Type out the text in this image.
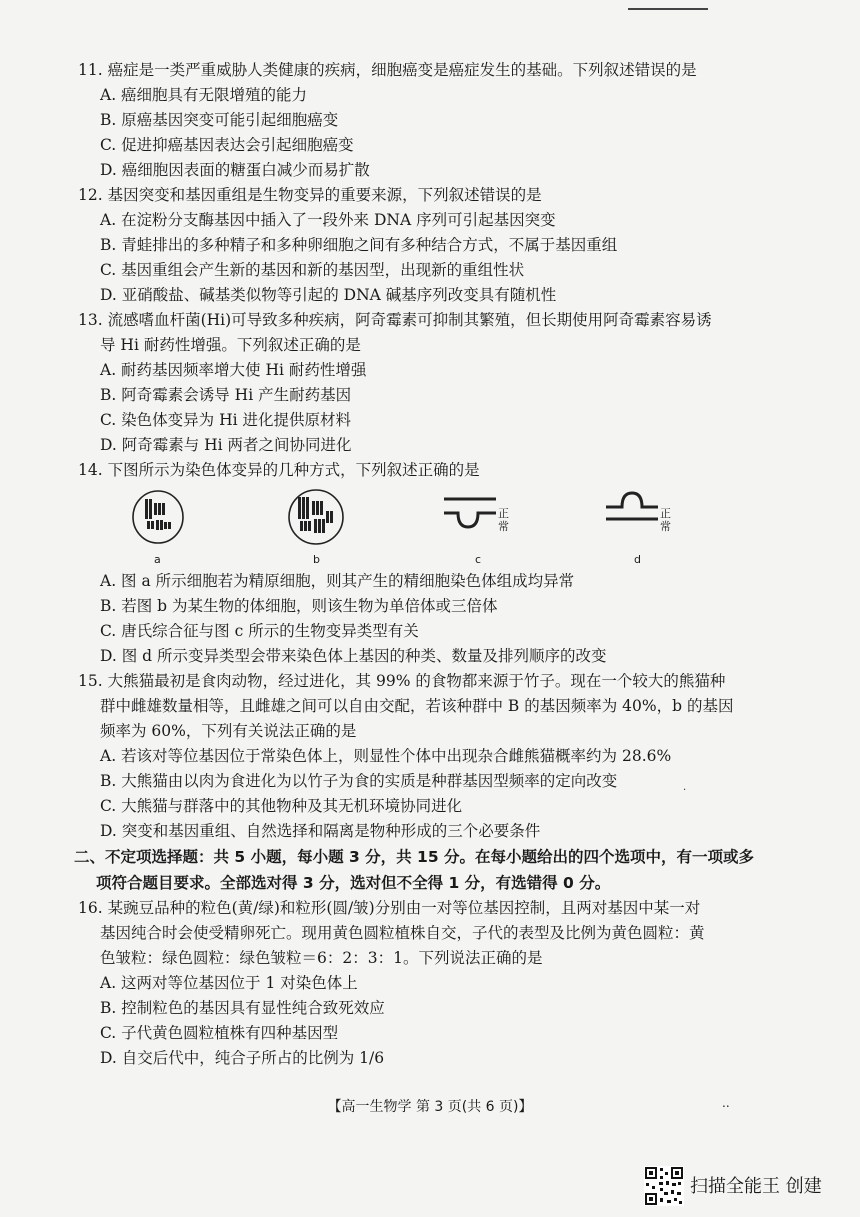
11. 癌症是一类严重威胁人类健康的疾病，细胞癌变是癌症发生的基础。下列叙述错误的是

A. 癌细胞具有无限增殖的能力

B. 原癌基因突变可能引起细胞癌变

C. 促进抑癌基因表达会引起细胞癌变

D. 癌细胞因表面的糖蛋白减少而易扩散

12. 基因突变和基因重组是生物变异的重要来源，下列叙述错误的是

A. 在淀粉分支酶基因中插入了一段外来 DNA 序列可引起基因突变

B. 青蛙排出的多种精子和多种卵细胞之间有多种结合方式，不属于基因重组

C. 基因重组会产生新的基因和新的基因型，出现新的重组性状

D. 亚硝酸盐、碱基类似物等引起的 DNA 碱基序列改变具有随机性

13. 流感嗜血杆菌(Hi)可导致多种疾病，阿奇霉素可抑制其繁殖，但长期使用阿奇霉素容易诱

导 Hi 耐药性增强。下列叙述正确的是

A. 耐药基因频率增大使 Hi 耐药性增强

B. 阿奇霉素会诱导 Hi 产生耐药基因

C. 染色体变异为 Hi 进化提供原材料

D. 阿奇霉素与 Hi 两者之间协同进化

14. 下图所示为染色体变异的几种方式，下列叙述正确的是

a	b
正常
c
正常
d

A. 图 a 所示细胞若为精原细胞，则其产生的精细胞染色体组成均异常

B. 若图 b 为某生物的体细胞，则该生物为单倍体或三倍体

C. 唐氏综合征与图 c 所示的生物变异类型有关

D. 图 d 所示变异类型会带来染色体上基因的种类、数量及排列顺序的改变

15. 大熊猫最初是食肉动物，经过进化，其 99% 的食物都来源于竹子。现在一个较大的熊猫种

群中雌雄数量相等，且雌雄之间可以自由交配，若该种群中 B 的基因频率为 40%，b 的基因

频率为 60%，下列有关说法正确的是

A. 若该对等位基因位于常染色体上，则显性个体中出现杂合雌熊猫概率约为 28.6%

B. 大熊猫由以肉为食进化为以竹子为食的实质是种群基因型频率的定向改变

C. 大熊猫与群落中的其他物种及其无机环境协同进化

D. 突变和基因重组、自然选择和隔离是物种形成的三个必要条件

二、不定项选择题：共 5 小题，每小题 3 分，共 15 分。在每小题给出的四个选项中，有一项或多
项符合题目要求。全部选对得 3 分，选对但不全得 1 分，有选错得 0 分。

16. 某豌豆品种的粒色(黄/绿)和粒形(圆/皱)分别由一对等位基因控制，且两对基因中某一对

基因纯合时会使受精卵死亡。现用黄色圆粒植株自交，子代的表型及比例为黄色圆粒：黄

色皱粒：绿色圆粒：绿色皱粒＝6：2：3：1。下列说法正确的是

A. 这两对等位基因位于 1 对染色体上

B. 控制粒色的基因具有显性纯合致死效应

C. 子代黄色圆粒植株有四种基因型

D. 自交后代中，纯合子所占的比例为 1/6

.
【高一生物学 第 3 页(共 6 页)】	..
扫描全能王 创建
